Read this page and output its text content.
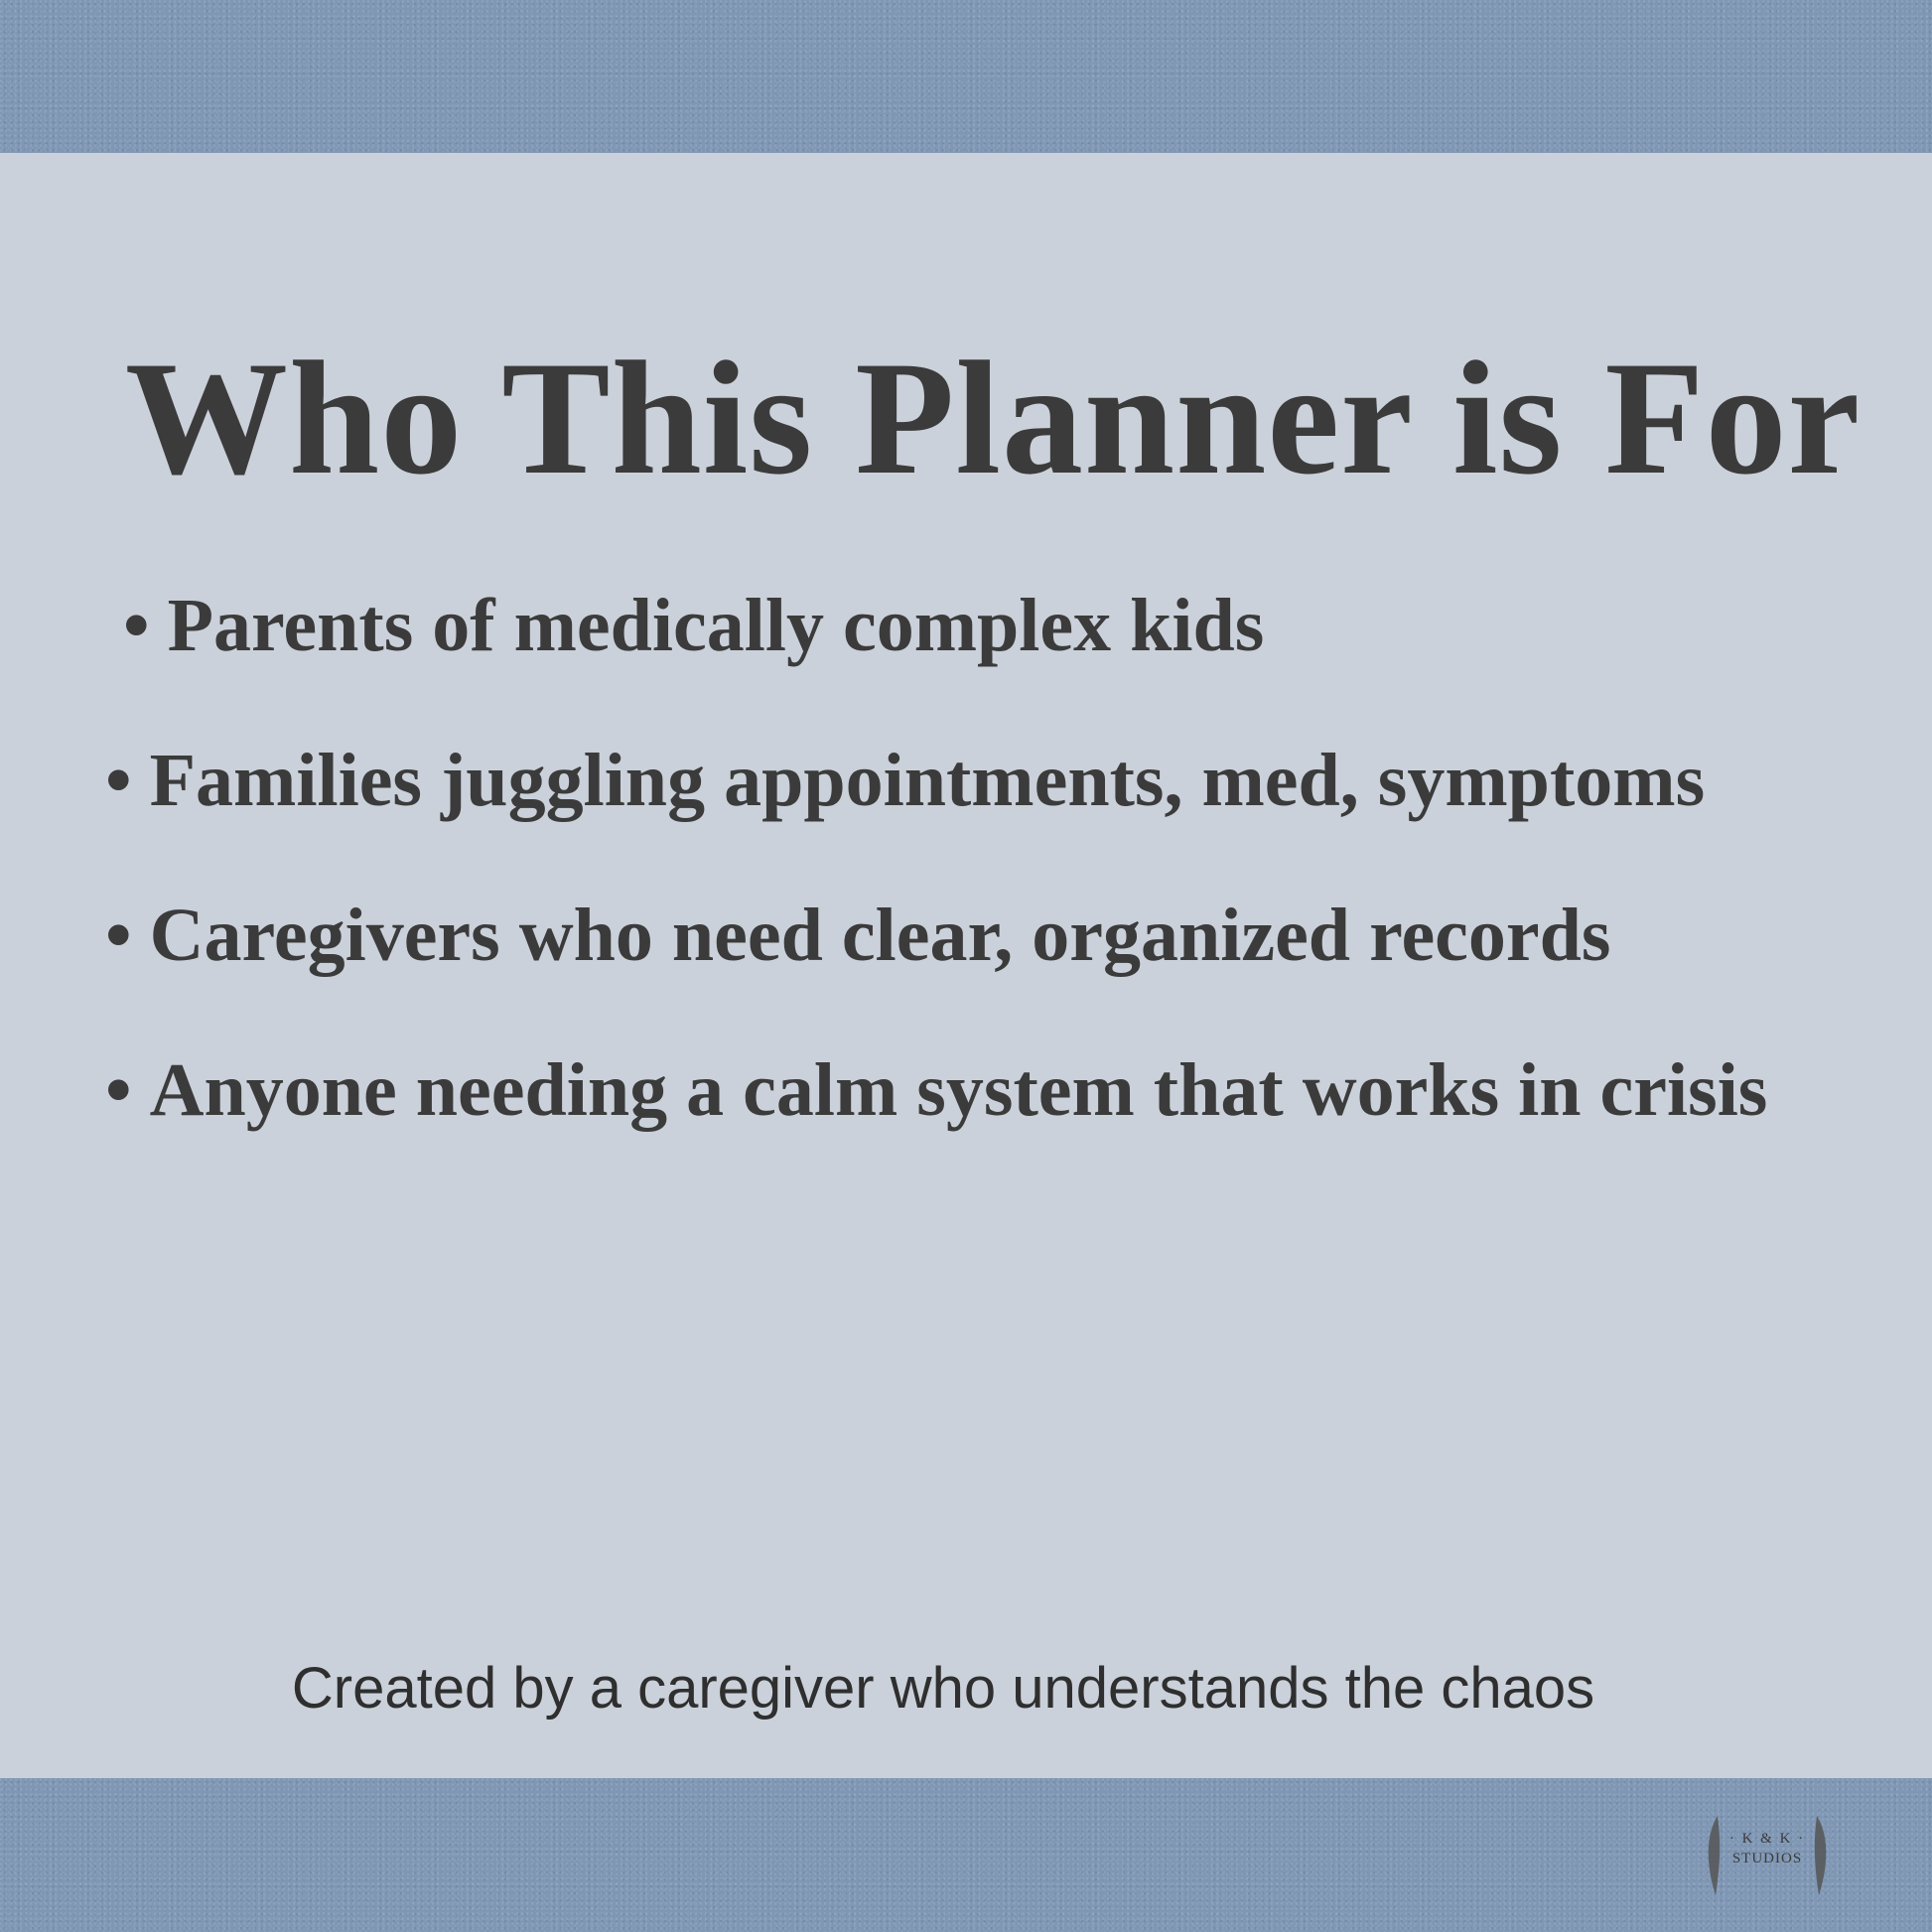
Who This Planner is For
• Parents of medically complex kids
• Families juggling appointments, med, symptoms
• Caregivers who need clear, organized records
• Anyone needing a calm system that works in crisis
Created by a caregiver who understands the chaos
· K & K ·
STUDIOS
